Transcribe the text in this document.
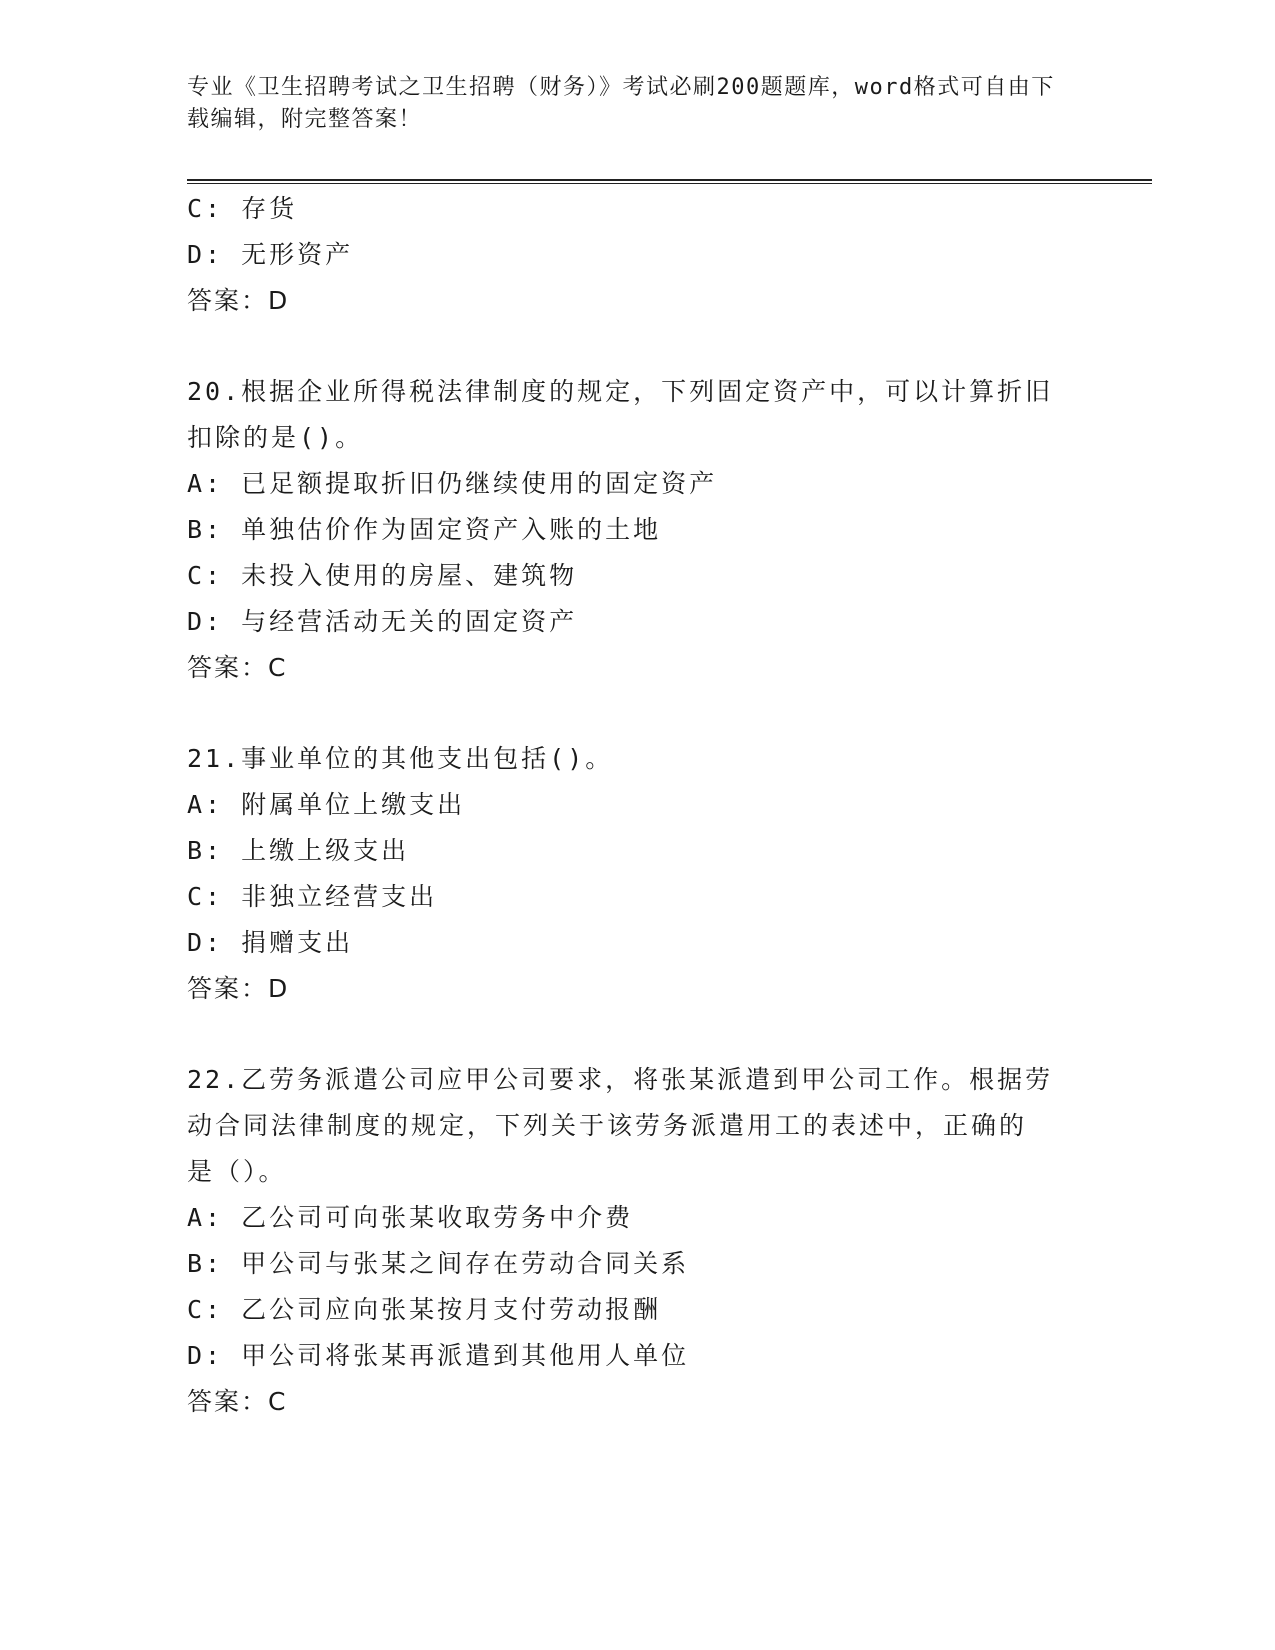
专业《卫生招聘考试之卫生招聘（财务）》考试必刷200题题库，word格式可自由下载编辑，附完整答案！
C: 存货
D: 无形资产
答案：D
20.根据企业所得税法律制度的规定，下列固定资产中，可以计算折旧
扣除的是()。
A: 已足额提取折旧仍继续使用的固定资产
B: 单独估价作为固定资产入账的土地
C: 未投入使用的房屋、建筑物
D: 与经营活动无关的固定资产
答案：C
21.事业单位的其他支出包括()。
A: 附属单位上缴支出
B: 上缴上级支出
C: 非独立经营支出
D: 捐赠支出
答案：D
22.乙劳务派遣公司应甲公司要求，将张某派遣到甲公司工作。根据劳
动合同法律制度的规定，下列关于该劳务派遣用工的表述中，正确的
是（）。
A: 乙公司可向张某收取劳务中介费
B: 甲公司与张某之间存在劳动合同关系
C: 乙公司应向张某按月支付劳动报酬
D: 甲公司将张某再派遣到其他用人单位
答案：C
